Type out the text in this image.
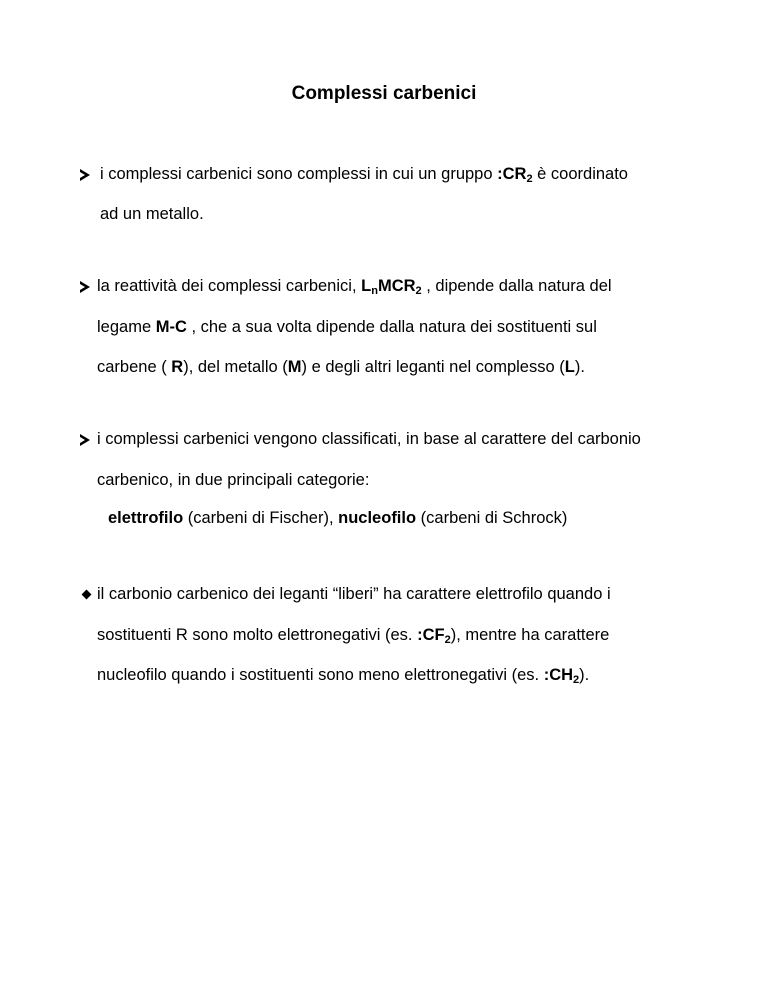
Complessi carbenici
i complessi carbenici sono complessi in cui un gruppo $:CR_2$ è coordinato
ad un metallo.
la reattività dei complessi carbenici, $L_nMCR_2$ , dipende dalla natura del
legame M-C , che a sua volta dipende dalla natura dei sostituenti sul
carbene ( R), del metallo (M) e degli altri leganti nel complesso (L).
i complessi carbenici vengono classificati, in base al carattere del carbonio
carbenico, in due principali categorie:
elettrofilo (carbeni di Fischer), nucleofilo (carbeni di Schrock)
il carbonio carbenico dei leganti “liberi” ha carattere elettrofilo quando i
sostituenti R sono molto elettronegativi (es. $:CF_2$), mentre ha carattere
nucleofilo quando i sostituenti sono meno elettronegativi (es. $:CH_2$).
